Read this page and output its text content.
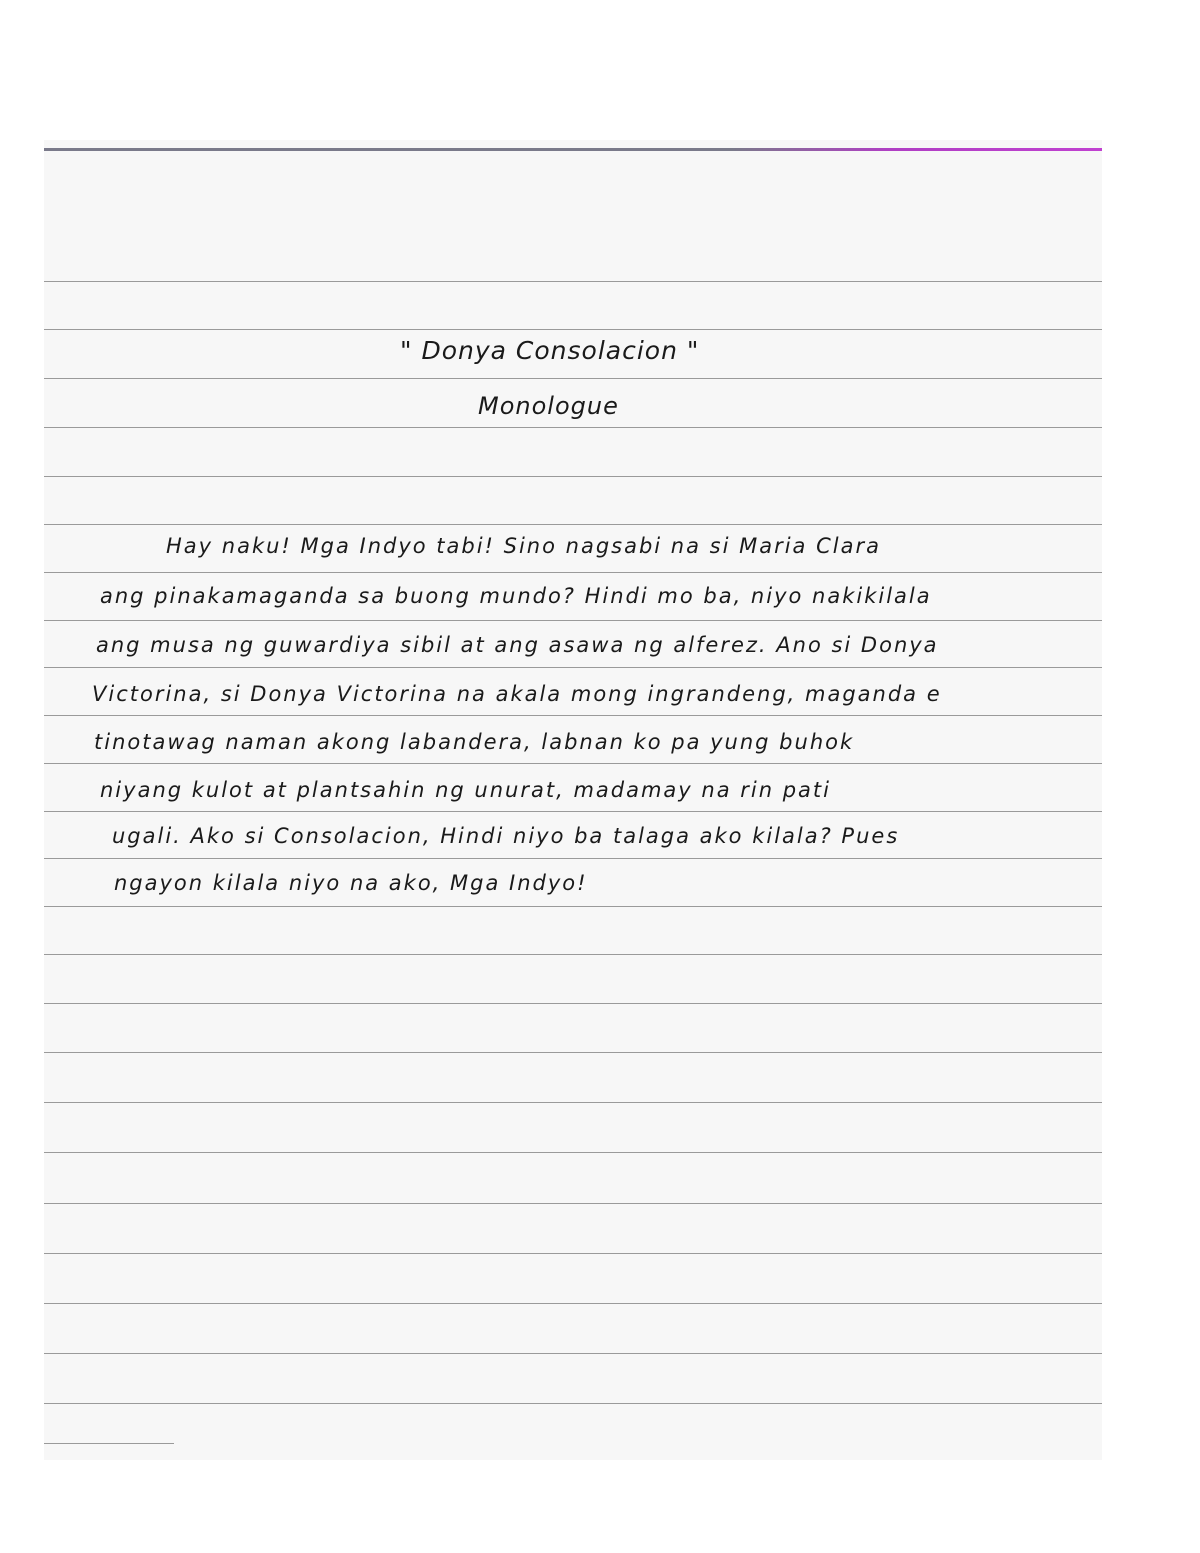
" Donya Consolacion "
Monologue
Hay naku! Mga Indyo tabi! Sino nagsabi na si Maria Clara
ang pinakamaganda sa buong mundo? Hindi mo ba, niyo nakikilala
ang musa ng guwardiya sibil at ang asawa ng alferez. Ano si Donya
Victorina, si Donya Victorina na akala mong ingrandeng, maganda e
tinotawag naman akong labandera, labnan ko pa yung buhok
niyang kulot at plantsahin ng unurat, madamay na rin pati
ugali. Ako si Consolacion, Hindi niyo ba talaga ako kilala? Pues
ngayon kilala niyo na ako, Mga Indyo!
